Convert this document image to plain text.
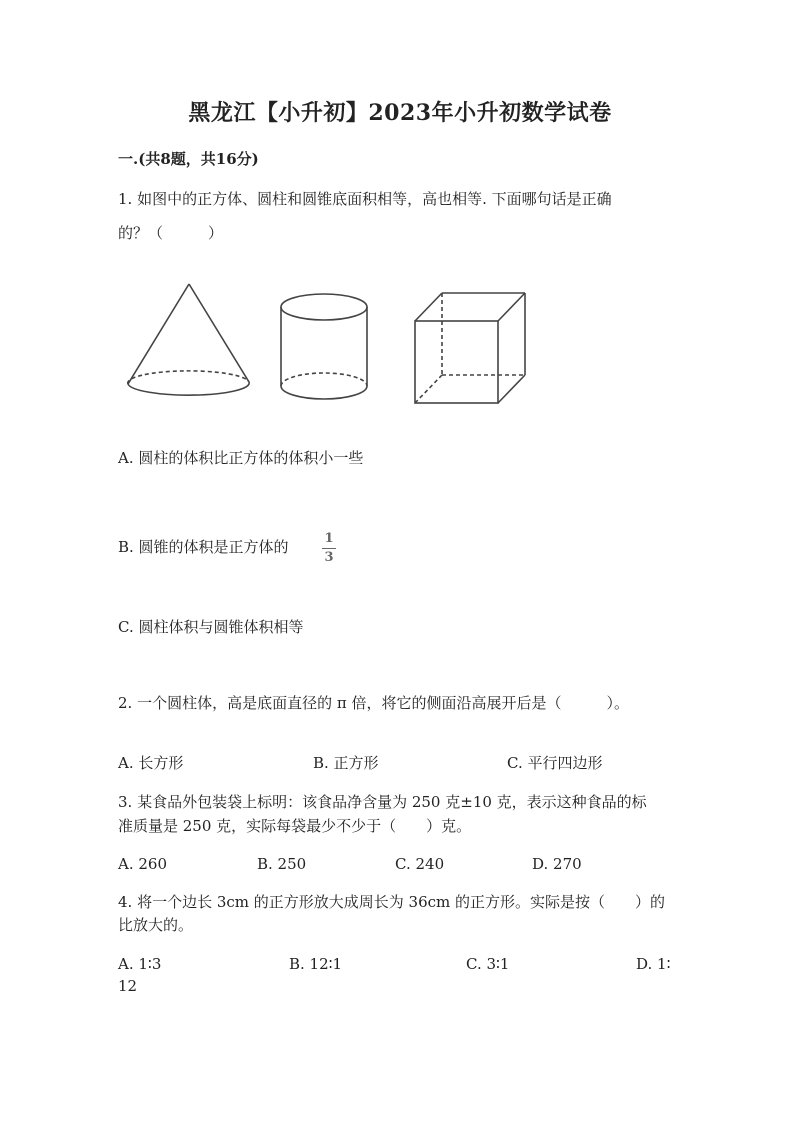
黑龙江【小升初】2023年小升初数学试卷
一.(共8题，共16分)
1. 如图中的正方体、圆柱和圆锥底面积相等，高也相等. 下面哪句话是正确
的？（　　　）
A. 圆柱的体积比正方体的体积小一些
B. 圆锥的体积是正方体的	1
3
C. 圆柱体积与圆锥体积相等
2. 一个圆柱体，高是底面直径的 π 倍，将它的侧面沿高展开后是（　　　）。
A. 长方形	B. 正方形	C. 平行四边形
3. 某食品外包装袋上标明：该食品净含量为 250 克±10 克，表示这种食品的标
准质量是 250 克，实际每袋最少不少于（　　）克。
A. 260	B. 250	C. 240	D. 270
4. 将一个边长 3cm 的正方形放大成周长为 36cm 的正方形。实际是按（　　）的
比放大的。
A. 1∶3	B. 12∶1	C. 3∶1	D. 1∶
12
